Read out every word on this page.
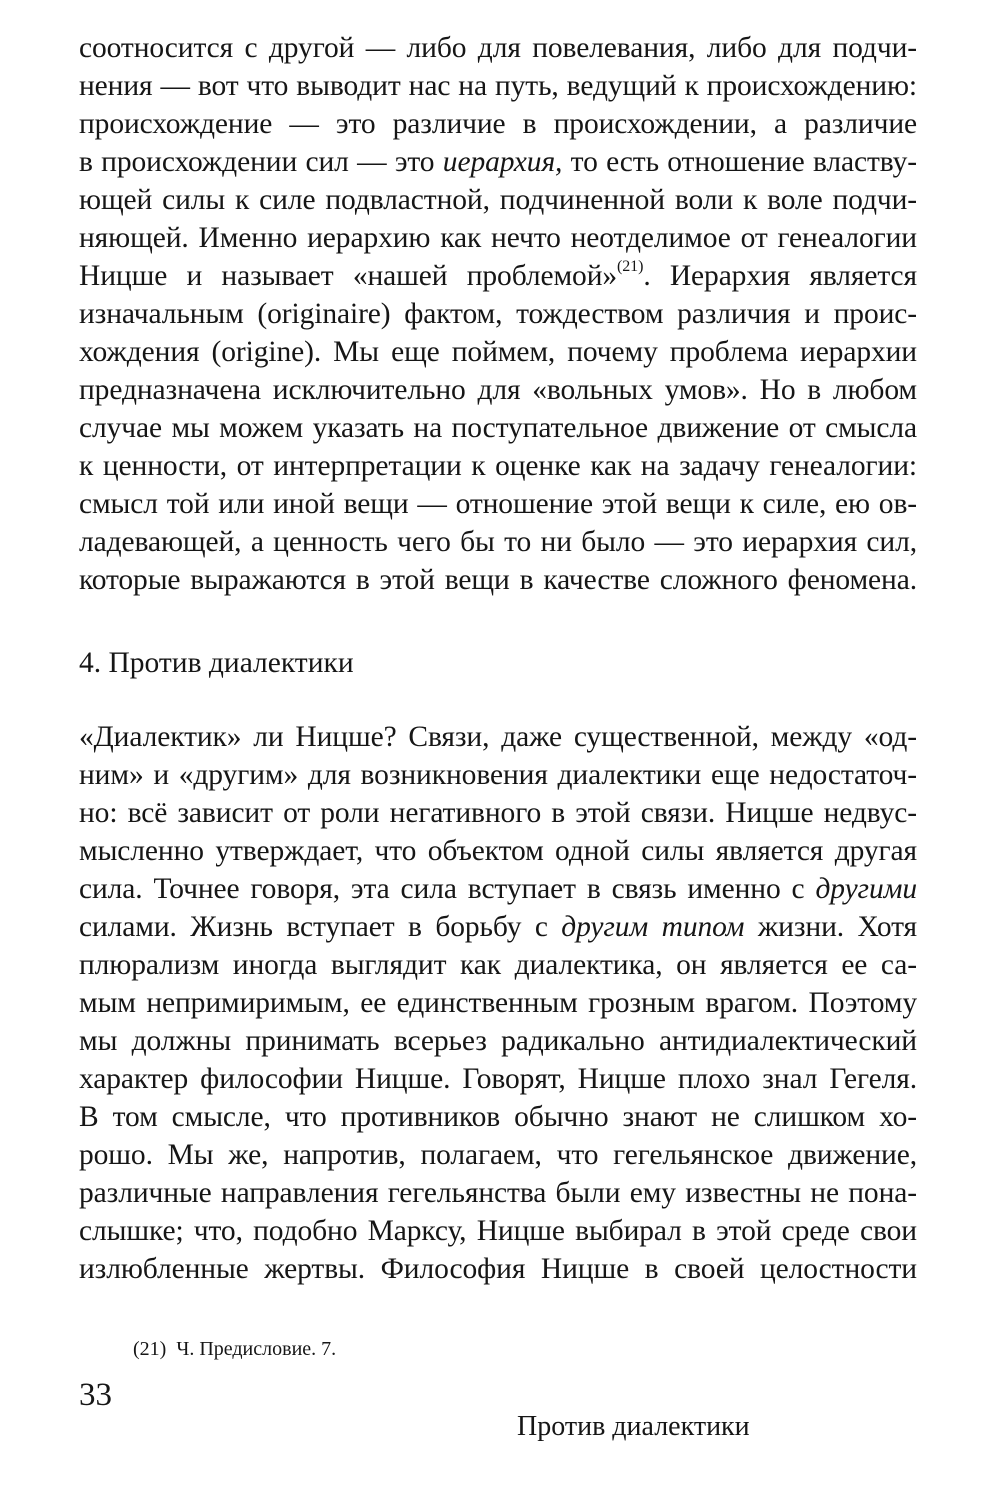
соотносится с другой — либо для повелевания, либо для подчи-
нения — вот что выводит нас на путь, ведущий к происхождению:
происхождение — это различие в происхождении, а различие
в происхождении сил — это иерархия, то есть отношение властву-
ющей силы к силе подвластной, подчиненной воли к воле подчи-
няющей. Именно иерархию как нечто неотделимое от генеалогии
Ницше и называет «нашей проблемой»$^{(21)}$. Иерархия является
изначальным (originaire) фактом, тождеством различия и проис-
хождения (origine). Мы еще поймем, почему проблема иерархии
предназначена исключительно для «вольных умов». Но в любом
случае мы можем указать на поступательное движение от смысла
к ценности, от интерпретации к оценке как на задачу генеалогии:
смысл той или иной вещи — отношение этой вещи к силе, ею ов-
ладевающей, а ценность чего бы то ни было — это иерархия сил,
которые выражаются в этой вещи в качестве сложного феномена.
4. Против диалектики
«Диалектик» ли Ницше? Связи, даже существенной, между «од-
ним» и «другим» для возникновения диалектики еще недостаточ-
но: всё зависит от роли негативного в этой связи. Ницше недвус-
мысленно утверждает, что объектом одной силы является другая
сила. Точнее говоря, эта сила вступает в связь именно с другими
силами. Жизнь вступает в борьбу с другим типом жизни. Хотя
плюрализм иногда выглядит как диалектика, он является ее са-
мым непримиримым, ее единственным грозным врагом. Поэтому
мы должны принимать всерьез радикально антидиалектический
характер философии Ницше. Говорят, Ницше плохо знал Гегеля.
В том смысле, что противников обычно знают не слишком хо-
рошо. Мы же, напротив, полагаем, что гегельянское движение,
различные направления гегельянства были ему известны не пона-
слышке; что, подобно Марксу, Ницше выбирал в этой среде свои
излюбленные жертвы. Философия Ницше в своей целостности
(21) Ч. Предисловие. 7.
33
Против диалектики
